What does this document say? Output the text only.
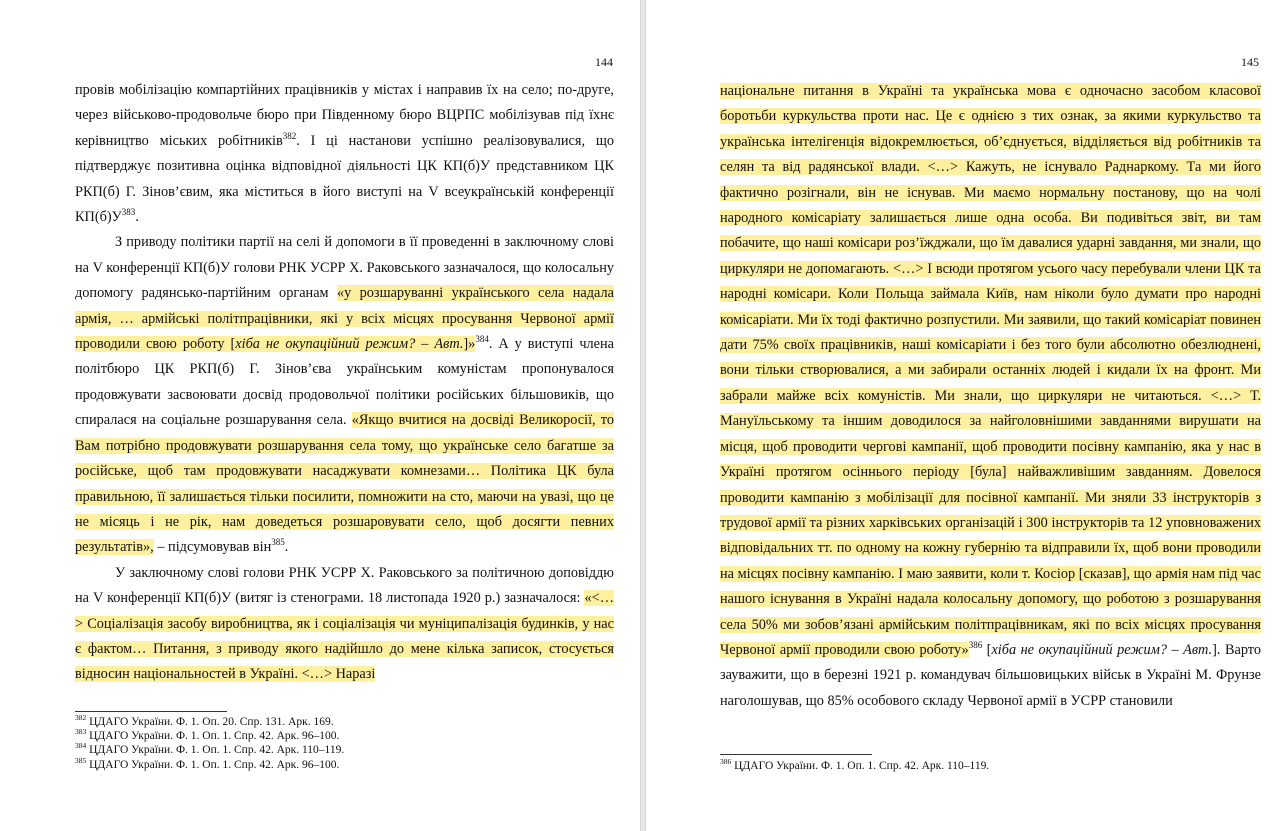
144

провів мобілізацію компартійних працівників у містах і направив їх на село; по-друге, через військово-продовольче бюро при Південному бюро ВЦРПС мобілізував під їхнє керівництво міських робітників$^{382}$. І ці настанови успішно реалізовувалися, що підтверджує позитивна оцінка відповідної діяльності ЦК КП(б)У представником ЦК РКП(б) Г. Зінов’євим, яка міститься в його виступі на V всеукраїнській конференції $КП(б)У^{383}$.

З приводу політики партії на селі й допомоги в її проведенні в заключному слові на V конференції КП(б)У голови РНК УСРР Х. Раковського зазначалося, що колосальну допомогу радянсько-партійним органам «у розшаруванні українського села надала армія, … армійські політпрацівники, які у всіх місцях просування Червоної армії проводили свою роботу [хіба не окупаційний режим? – Авт.]»$^{384}$. А у виступі члена політбюро ЦК РКП(б) Г. Зінов’єва українським комуністам пропонувалося продовжувати засвоювати досвід продовольчої політики російських більшовиків, що спиралася на соціальне розшарування села. «Якщо вчитися на досвіді Великоросії, то Вам потрібно продовжувати розшарування села тому, що українське село багатше за російське, щоб там продовжувати насаджувати комнезами… Політика ЦК була правильною, її залишається тільки посилити, помножити на сто, маючи на увазі, що це не місяць і не рік, нам доведеться розшаровувати село, щоб досягти певних результатів», – підсумовував він$^{385}$.

У заключному слові голови РНК УСРР Х. Раковського за політичною доповіддю на V конференції КП(б)У (витяг із стенограми. 18 листопада 1920 р.) зазначалося: «<…> Соціалізація засобу виробництва, як і соціалізація чи муніципалізація будинків, у нас є фактом… Питання, з приводу якого надійшло до мене кілька записок, стосується відносин національностей в Україні. <…> Наразі

$^{382}$ ЦДАГО України. Ф. 1. Оп. 20. Спр. 131. Арк. 169.
$^{383}$ ЦДАГО України. Ф. 1. Оп. 1. Спр. 42. Арк. 96–100.
$^{384}$ ЦДАГО України. Ф. 1. Оп. 1. Спр. 42. Арк. 110–119.
$^{385}$ ЦДАГО України. Ф. 1. Оп. 1. Спр. 42. Арк. 96–100.
145

національне питання в Україні та українська мова є одночасно засобом класової боротьби куркульства проти нас. Це є однією з тих ознак, за якими куркульство та українська інтелігенція відокремлюється, об’єднується, відділяється від робітників та селян та від радянської влади. <…> Кажуть, не існувало Раднаркому. Та ми його фактично розігнали, він не існував. Ми маємо нормальну постанову, що на чолі народного комісаріату залишається лише одна особа. Ви подивіться звіт, ви там побачите, що наші комісари роз’їжджали, що їм давалися ударні завдання, ми знали, що циркуляри не допомагають. <…> І всюди протягом усього часу перебували члени ЦК та народні комісари. Коли Польща займала Київ, нам ніколи було думати про народні комісаріати. Ми їх тоді фактично розпустили. Ми заявили, що такий комісаріат повинен дати 75% своїх працівників, наші комісаріати і без того були абсолютно обезлюднені, вони тільки створювалися, а ми забирали останніх людей і кидали їх на фронт. Ми забрали майже всіх комуністів. Ми знали, що циркуляри не читаються. <…> Т. Мануїльському та іншим доводилося за найголовнішими завданнями вирушати на місця, щоб проводити чергові кампанії, щоб проводити посівну кампанію, яка у нас в Україні протягом осіннього періоду [була] найважливішим завданням. Довелося проводити кампанію з мобілізації для посівної кампанії. Ми зняли 33 інструкторів з трудової армії та різних харківських організацій і 300 інструкторів та 12 уповноважених відповідальних тт. по одному на кожну губернію та відправили їх, щоб вони проводили на місцях посівну кампанію. І маю заявити, коли т. Косіор [сказав], що армія нам під час нашого існування в Україні надала колосальну допомогу, що роботою з розшарування села 50% ми зобов’язані армійським політпрацівникам, які по всіх місцях просування Червоної армії проводили свою роботу»$^{386}$ [хіба не окупаційний режим? – Авт.]. Варто зауважити, що в березні 1921 р. командувач більшовицьких військ в Україні М. Фрунзе наголошував, що 85% особового складу Червоної армії в УСРР становили

$^{386}$ ЦДАГО України. Ф. 1. Оп. 1. Спр. 42. Арк. 110–119.
